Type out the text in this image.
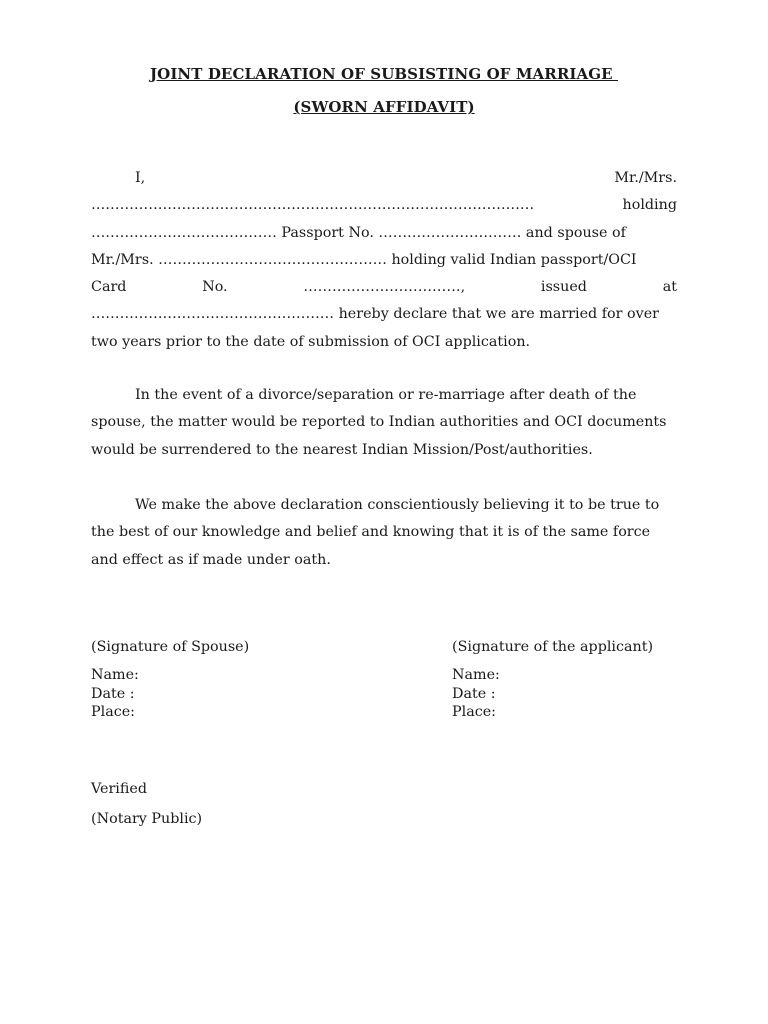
JOINT DECLARATION OF SUBSISTING OF MARRIAGE
(SWORN AFFIDAVIT)
I,	Mr./Mrs.
…………………………………………………………………………………	holding
………………………………… Passport No. ………………………… and spouse of
Mr./Mrs. ………………………………………… holding valid Indian passport/OCI
Card	No.	……………………………,	issued	at
…………………………………………… hereby declare that we are married for over
two years prior to the date of submission of OCI application.
In the event of a divorce/separation or re-marriage after death of the
spouse, the matter would be reported to Indian authorities and OCI documents
would be surrendered to the nearest Indian Mission/Post/authorities.
We make the above declaration conscientiously believing it to be true to
the best of our knowledge and belief and knowing that it is of the same force
and effect as if made under oath.
(Signature of Spouse)
Name:
Date :
Place:
(Signature of the applicant)
Name:
Date :
Place:
Verified
(Notary Public)
